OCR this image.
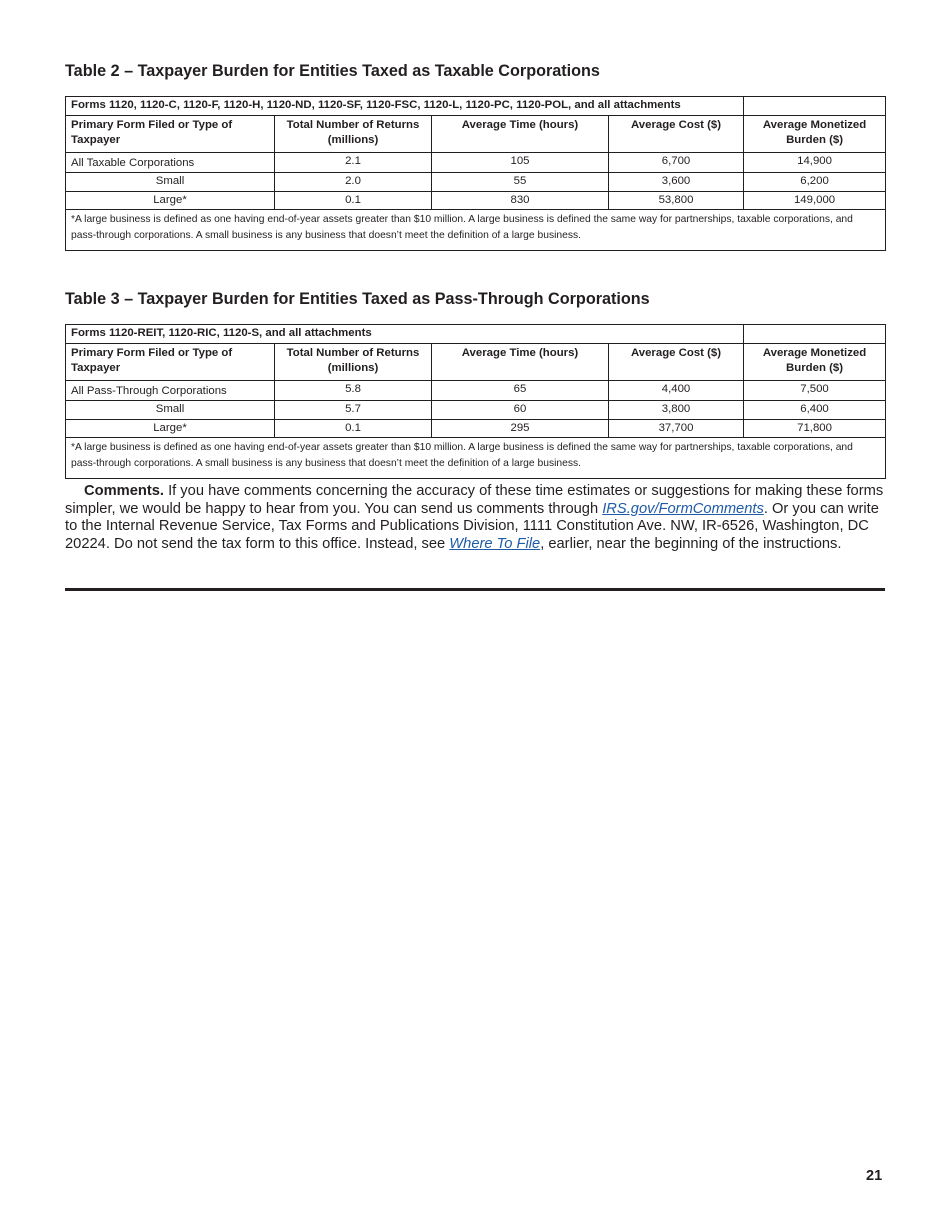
Table 2 – Taxpayer Burden for Entities Taxed as Taxable Corporations
Forms 1120, 1120-C, 1120-F, 1120-H, 1120-ND, 1120-SF, 1120-FSC, 1120-L, 1120-PC, 1120-POL, and all attachments				
Primary Form Filed or Type of Taxpayer	Total Number of Returns (millions)	Average Time (hours)	Average Cost ($)	Average Monetized Burden ($)
All Taxable Corporations	2.1	105	6,700	14,900
Small	2.0	55	3,600	6,200
Large*	0.1	830	53,800	149,000
*A large business is defined as one having end-of-year assets greater than $10 million. A large business is defined the same way for partnerships, taxable corporations, and pass-through corporations. A small business is any business that doesn’t meet the definition of a large business.				
Table 3 – Taxpayer Burden for Entities Taxed as Pass-Through Corporations
Forms 1120-REIT, 1120-RIC, 1120-S, and all attachments				
Primary Form Filed or Type of Taxpayer	Total Number of Returns (millions)	Average Time (hours)	Average Cost ($)	Average Monetized Burden ($)
All Pass-Through Corporations	5.8	65	4,400	7,500
Small	5.7	60	3,800	6,400
Large*	0.1	295	37,700	71,800
*A large business is defined as one having end-of-year assets greater than $10 million. A large business is defined the same way for partnerships, taxable corporations, and pass-through corporations. A small business is any business that doesn’t meet the definition of a large business.				

Comments. If you have comments concerning the accuracy of these time estimates or suggestions for making these forms simpler, we would be happy to hear from you. You can send us comments through IRS.gov/FormComments. Or you can write to the Internal Revenue Service, Tax Forms and Publications Division, 1111 Constitution Ave. NW, IR-6526, Washington, DC 20224. Do not send the tax form to this office. Instead, see Where To File, earlier, near the beginning of the instructions.

21
